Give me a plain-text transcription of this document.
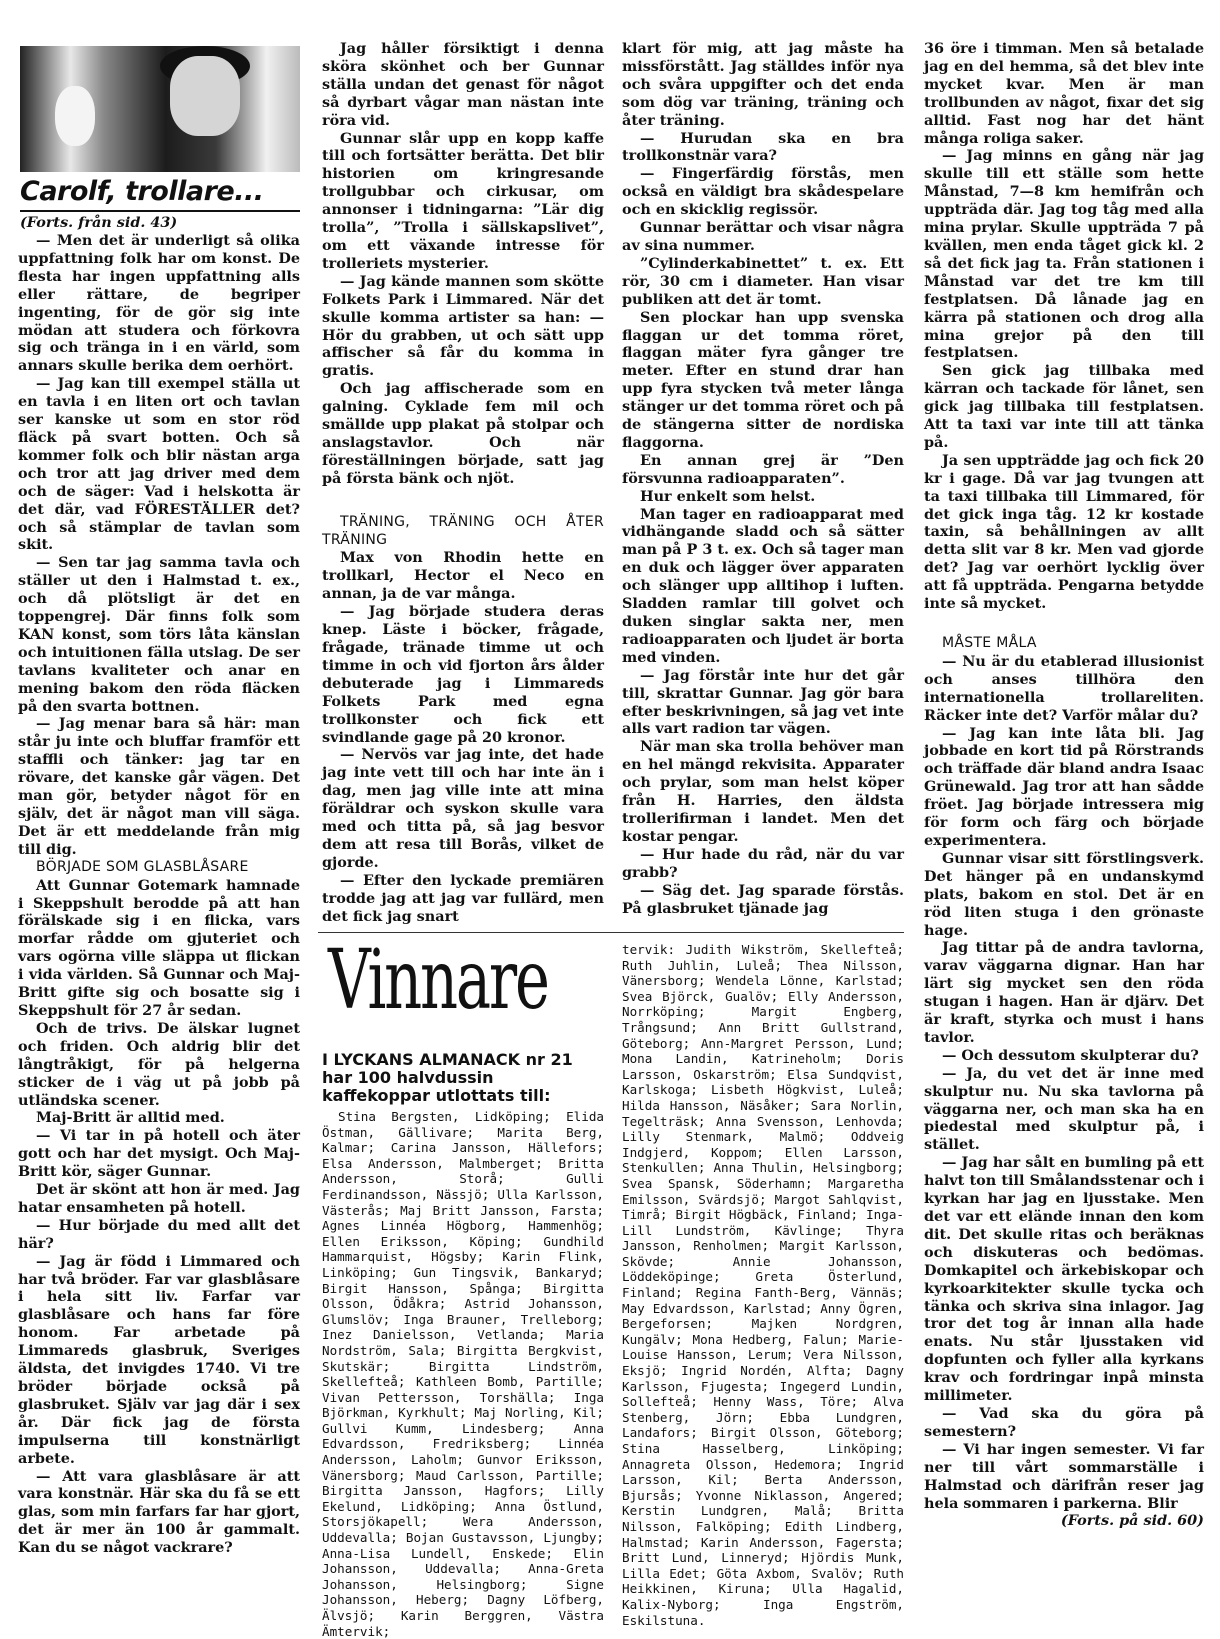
Carolf, trollare...
(Forts. från sid. 43)

— Men det är underligt så olika uppfattning folk har om konst. De flesta har ingen uppfattning alls eller rättare, de begriper ingenting, för de gör sig inte mödan att studera och förkovra sig och tränga in i en värld, som annars skulle berika dem oerhört.

— Jag kan till exempel ställa ut en tavla i en liten ort och tavlan ser kanske ut som en stor röd fläck på svart botten. Och så kommer folk och blir nästan arga och tror att jag driver med dem och de säger: Vad i helskotta är det där, vad FÖRESTÄLLER det? och så stämplar de tavlan som skit.

— Sen tar jag samma tavla och ställer ut den i Halmstad t. ex., och då plötsligt är det en toppengrej. Där finns folk som KAN konst, som törs låta känslan och intuitionen fälla utslag. De ser tavlans kvaliteter och anar en mening bakom den röda fläcken på den svarta bottnen.

— Jag menar bara så här: man står ju inte och bluffar framför ett staffli och tänker: jag tar en rövare, det kanske går vägen. Det man gör, betyder något för en själv, det är något man vill säga. Det är ett meddelande från mig till dig.

BÖRJADE SOM GLASBLÅSARE

Att Gunnar Gotemark hamnade i Skeppshult berodde på att han förälskade sig i en flicka, vars morfar rådde om gjuteriet och vars ogörna ville släppa ut flickan i vida världen. Så Gunnar och Maj-Britt gifte sig och bosatte sig i Skeppshult för 27 år sedan.

Och de trivs. De älskar lugnet och friden. Och aldrig blir det långtråkigt, för på helgerna sticker de i väg ut på jobb på utländska scener.

Maj-Britt är alltid med.

— Vi tar in på hotell och äter gott och har det mysigt. Och Maj-Britt kör, säger Gunnar.

Det är skönt att hon är med. Jag hatar ensamheten på hotell.

— Hur började du med allt det här?

— Jag är född i Limmared och har två bröder. Far var glasblåsare i hela sitt liv. Farfar var glasblåsare och hans far före honom. Far arbetade på Limmareds glasbruk, Sveriges äldsta, det invigdes 1740. Vi tre bröder började också på glasbruket. Själv var jag där i sex år. Där fick jag de första impulserna till konstnärligt arbete.

— Att vara glasblåsare är att vara konstnär. Här ska du få se ett glas, som min farfars far har gjort, det är mer än 100 år gammalt. Kan du se något vackrare?

Jag håller försiktigt i denna sköra skönhet och ber Gunnar ställa undan det genast för något så dyrbart vågar man nästan inte röra vid.

Gunnar slår upp en kopp kaffe till och fortsätter berätta. Det blir historien om kringresande trollgubbar och cirkusar, om annonser i tidningarna: ”Lär dig trolla”, ”Trolla i sällskapslivet”, om ett växande intresse för trolleriets mysterier.

— Jag kände mannen som skötte Folkets Park i Limmared. När det skulle komma artister sa han: — Hör du grabben, ut och sätt upp affischer så får du komma in gratis.

Och jag affischerade som en galning. Cyklade fem mil och smällde upp plakat på stolpar och anslagstavlor. Och när föreställningen började, satt jag på första bänk och njöt.

TRÄNING, TRÄNING OCH ÅTER TRÄNING

Max von Rhodin hette en trollkarl, Hector el Neco en annan, ja de var många.

— Jag började studera deras knep. Läste i böcker, frågade, frågade, tränade timme ut och timme in och vid fjorton års ålder debuterade jag i Limmareds Folkets Park med egna trollkonster och fick ett svindlande gage på 20 kronor.

— Nervös var jag inte, det hade jag inte vett till och har inte än i dag, men jag ville inte att mina föräldrar och syskon skulle vara med och titta på, så jag besvor dem att resa till Borås, vilket de gjorde.

— Efter den lyckade premiären trodde jag att jag var fullärd, men det fick jag snart

klart för mig, att jag måste ha missförstått. Jag ställdes inför nya och svåra uppgifter och det enda som dög var träning, träning och åter träning.

— Hurudan ska en bra trollkonstnär vara?

— Fingerfärdig förstås, men också en väldigt bra skådespelare och en skicklig regissör.

Gunnar berättar och visar några av sina nummer.

”Cylinderkabinettet” t. ex. Ett rör, 30 cm i diameter. Han visar publiken att det är tomt.

Sen plockar han upp svenska flaggan ur det tomma röret, flaggan mäter fyra gånger tre meter. Efter en stund drar han upp fyra stycken två meter långa stänger ur det tomma röret och på de stängerna sitter de nordiska flaggorna.

En annan grej är ”Den försvunna radioapparaten”.

Hur enkelt som helst.

Man tager en radioapparat med vidhängande sladd och så sätter man på P 3 t. ex. Och så tager man en duk och lägger över apparaten och slänger upp alltihop i luften. Sladden ramlar till golvet och duken singlar sakta ner, men radioapparaten och ljudet är borta med vinden.

— Jag förstår inte hur det går till, skrattar Gunnar. Jag gör bara efter beskrivningen, så jag vet inte alls vart radion tar vägen.

När man ska trolla behöver man en hel mängd rekvisita. Apparater och prylar, som man helst köper från H. Harries, den äldsta trollerifirman i landet. Men det kostar pengar.

— Hur hade du råd, när du var grabb?

— Säg det. Jag sparade förstås. På glasbruket tjänade jag

36 öre i timman. Men så betalade jag en del hemma, så det blev inte mycket kvar. Men är man trollbunden av något, fixar det sig alltid. Fast nog har det hänt många roliga saker.

— Jag minns en gång när jag skulle till ett ställe som hette Månstad, 7—8 km hemifrån och uppträda där. Jag tog tåg med alla mina prylar. Skulle uppträda 7 på kvällen, men enda tåget gick kl. 2 så det fick jag ta. Från stationen i Månstad var det tre km till festplatsen. Då lånade jag en kärra på stationen och drog alla mina grejor på den till festplatsen.

Sen gick jag tillbaka med kärran och tackade för lånet, sen gick jag tillbaka till festplatsen. Att ta taxi var inte till att tänka på.

Ja sen uppträdde jag och fick 20 kr i gage. Då var jag tvungen att ta taxi tillbaka till Limmared, för det gick inga tåg. 12 kr kostade taxin, så behållningen av allt detta slit var 8 kr. Men vad gjorde det? Jag var oerhört lycklig över att få uppträda. Pengarna betydde inte så mycket.

MÅSTE MÅLA

— Nu är du etablerad illusionist och anses tillhöra den internationella trollareliten. Räcker inte det? Varför målar du?

— Jag kan inte låta bli. Jag jobbade en kort tid på Rörstrands och träffade där bland andra Isaac Grünewald. Jag tror att han sådde fröet. Jag började intressera mig för form och färg och började experimentera.

Gunnar visar sitt förstlingsverk. Det hänger på en undanskymd plats, bakom en stol. Det är en röd liten stuga i den grönaste hage.

Jag tittar på de andra tavlorna, varav väggarna dignar. Han har lärt sig mycket sen den röda stugan i hagen. Han är djärv. Det är kraft, styrka och must i hans tavlor.

— Och dessutom skulpterar du?

— Ja, du vet det är inne med skulptur nu. Nu ska tavlorna på väggarna ner, och man ska ha en piedestal med skulptur på, i stället.

— Jag har sålt en bumling på ett halvt ton till Smålandsstenar och i kyrkan har jag en ljusstake. Men det var ett elände innan den kom dit. Det skulle ritas och beräknas och diskuteras och bedömas. Domkapitel och ärkebiskopar och kyrkoarkitekter skulle tycka och tänka och skriva sina inlagor. Jag tror det tog år innan alla hade enats. Nu står ljusstaken vid dopfunten och fyller alla kyrkans krav och fordringar inpå minsta millimeter.

— Vad ska du göra på semestern?

— Vi har ingen semester. Vi far ner till vårt sommarställe i Halmstad och därifrån reser jag hela sommaren i parkerna. Blir

(Forts. på sid. 60)

Vinnare
I LYCKANS ALMANACK nr 21 har 100 halvdussin kaffekoppar utlottats till:

Stina Bergsten, Lidköping; Elida Östman, Gällivare; Marita Berg, Kalmar; Carina Jansson, Hällefors; Elsa Andersson, Malmberget; Britta Andersson, Storå; Gulli Ferdinandsson, Nässjö; Ulla Karlsson, Västerås; Maj Britt Jansson, Farsta; Agnes Linnéa Högborg, Hammenhög; Ellen Eriksson, Köping; Gundhild Hammarquist, Högsby; Karin Flink, Linköping; Gun Tingsvik, Bankaryd; Birgit Hansson, Spånga; Birgitta Olsson, Ödåkra; Astrid Johansson, Glumslöv; Inga Brauner, Trelleborg; Inez Danielsson, Vetlanda; Maria Nordström, Sala; Birgitta Bergkvist, Skutskär; Birgitta Lindström, Skellefteå; Kathleen Bomb, Partille; Vivan Pettersson, Torshälla; Inga Björkman, Kyrkhult; Maj Norling, Kil; Gullvi Kumm, Lindesberg; Anna Edvardsson, Fredriksberg; Linnéa Andersson, Laholm; Gunvor Eriksson, Vänersborg; Maud Carlsson, Partille; Birgitta Jansson, Hagfors; Lilly Ekelund, Lidköping; Anna Östlund, Storsjökapell; Wera Andersson, Uddevalla; Bojan Gustavsson, Ljungby; Anna-Lisa Lundell, Enskede; Elin Johansson, Uddevalla; Anna-Greta Johansson, Helsingborg; Signe Johansson, Heberg; Dagny Löfberg, Älvsjö; Karin Berggren, Västra Ämtervik;

tervik: Judith Wikström, Skellefteå; Ruth Juhlin, Luleå; Thea Nilsson, Vänersborg; Wendela Lönne, Karlstad; Svea Björck, Gualöv; Elly Andersson, Norrköping; Margit Engberg, Trångsund; Ann Britt Gullstrand, Göteborg; Ann-Margret Persson, Lund; Mona Landin, Katrineholm; Doris Larsson, Oskarström; Elsa Sundqvist, Karlskoga; Lisbeth Högkvist, Luleå; Hilda Hansson, Näsåker; Sara Norlin, Tegelträsk; Anna Svensson, Lenhovda; Lilly Stenmark, Malmö; Oddveig Indgjerd, Koppom; Ellen Larsson, Stenkullen; Anna Thulin, Helsingborg; Svea Spansk, Söderhamn; Margaretha Emilsson, Svärdsjö; Margot Sahlqvist, Timrå; Birgit Högbäck, Finland; Inga-Lill Lundström, Kävlinge; Thyra Jansson, Renholmen; Margit Karlsson, Skövde; Annie Johansson, Löddeköpinge; Greta Österlund, Finland; Regina Fanth-Berg, Vännäs; May Edvardsson, Karlstad; Anny Ögren, Bergeforsen; Majken Nordgren, Kungälv; Mona Hedberg, Falun; Marie-Louise Hansson, Lerum; Vera Nilsson, Eksjö; Ingrid Nordén, Alfta; Dagny Karlsson, Fjugesta; Ingegerd Lundin, Sollefteå; Henny Wass, Töre; Alva Stenberg, Jörn; Ebba Lundgren, Landafors; Birgit Olsson, Göteborg; Stina Hasselberg, Linköping; Annagreta Olsson, Hedemora; Ingrid Larsson, Kil; Berta Andersson, Bjursås; Yvonne Niklasson, Angered; Kerstin Lundgren, Malå; Britta Nilsson, Falköping; Edith Lindberg, Halmstad; Karin Andersson, Fagersta; Britt Lund, Linneryd; Hjördis Munk, Lilla Edet; Göta Axbom, Svalöv; Ruth Heikkinen, Kiruna; Ulla Hagalid, Kalix-Nyborg; Inga Engström, Eskilstuna.
